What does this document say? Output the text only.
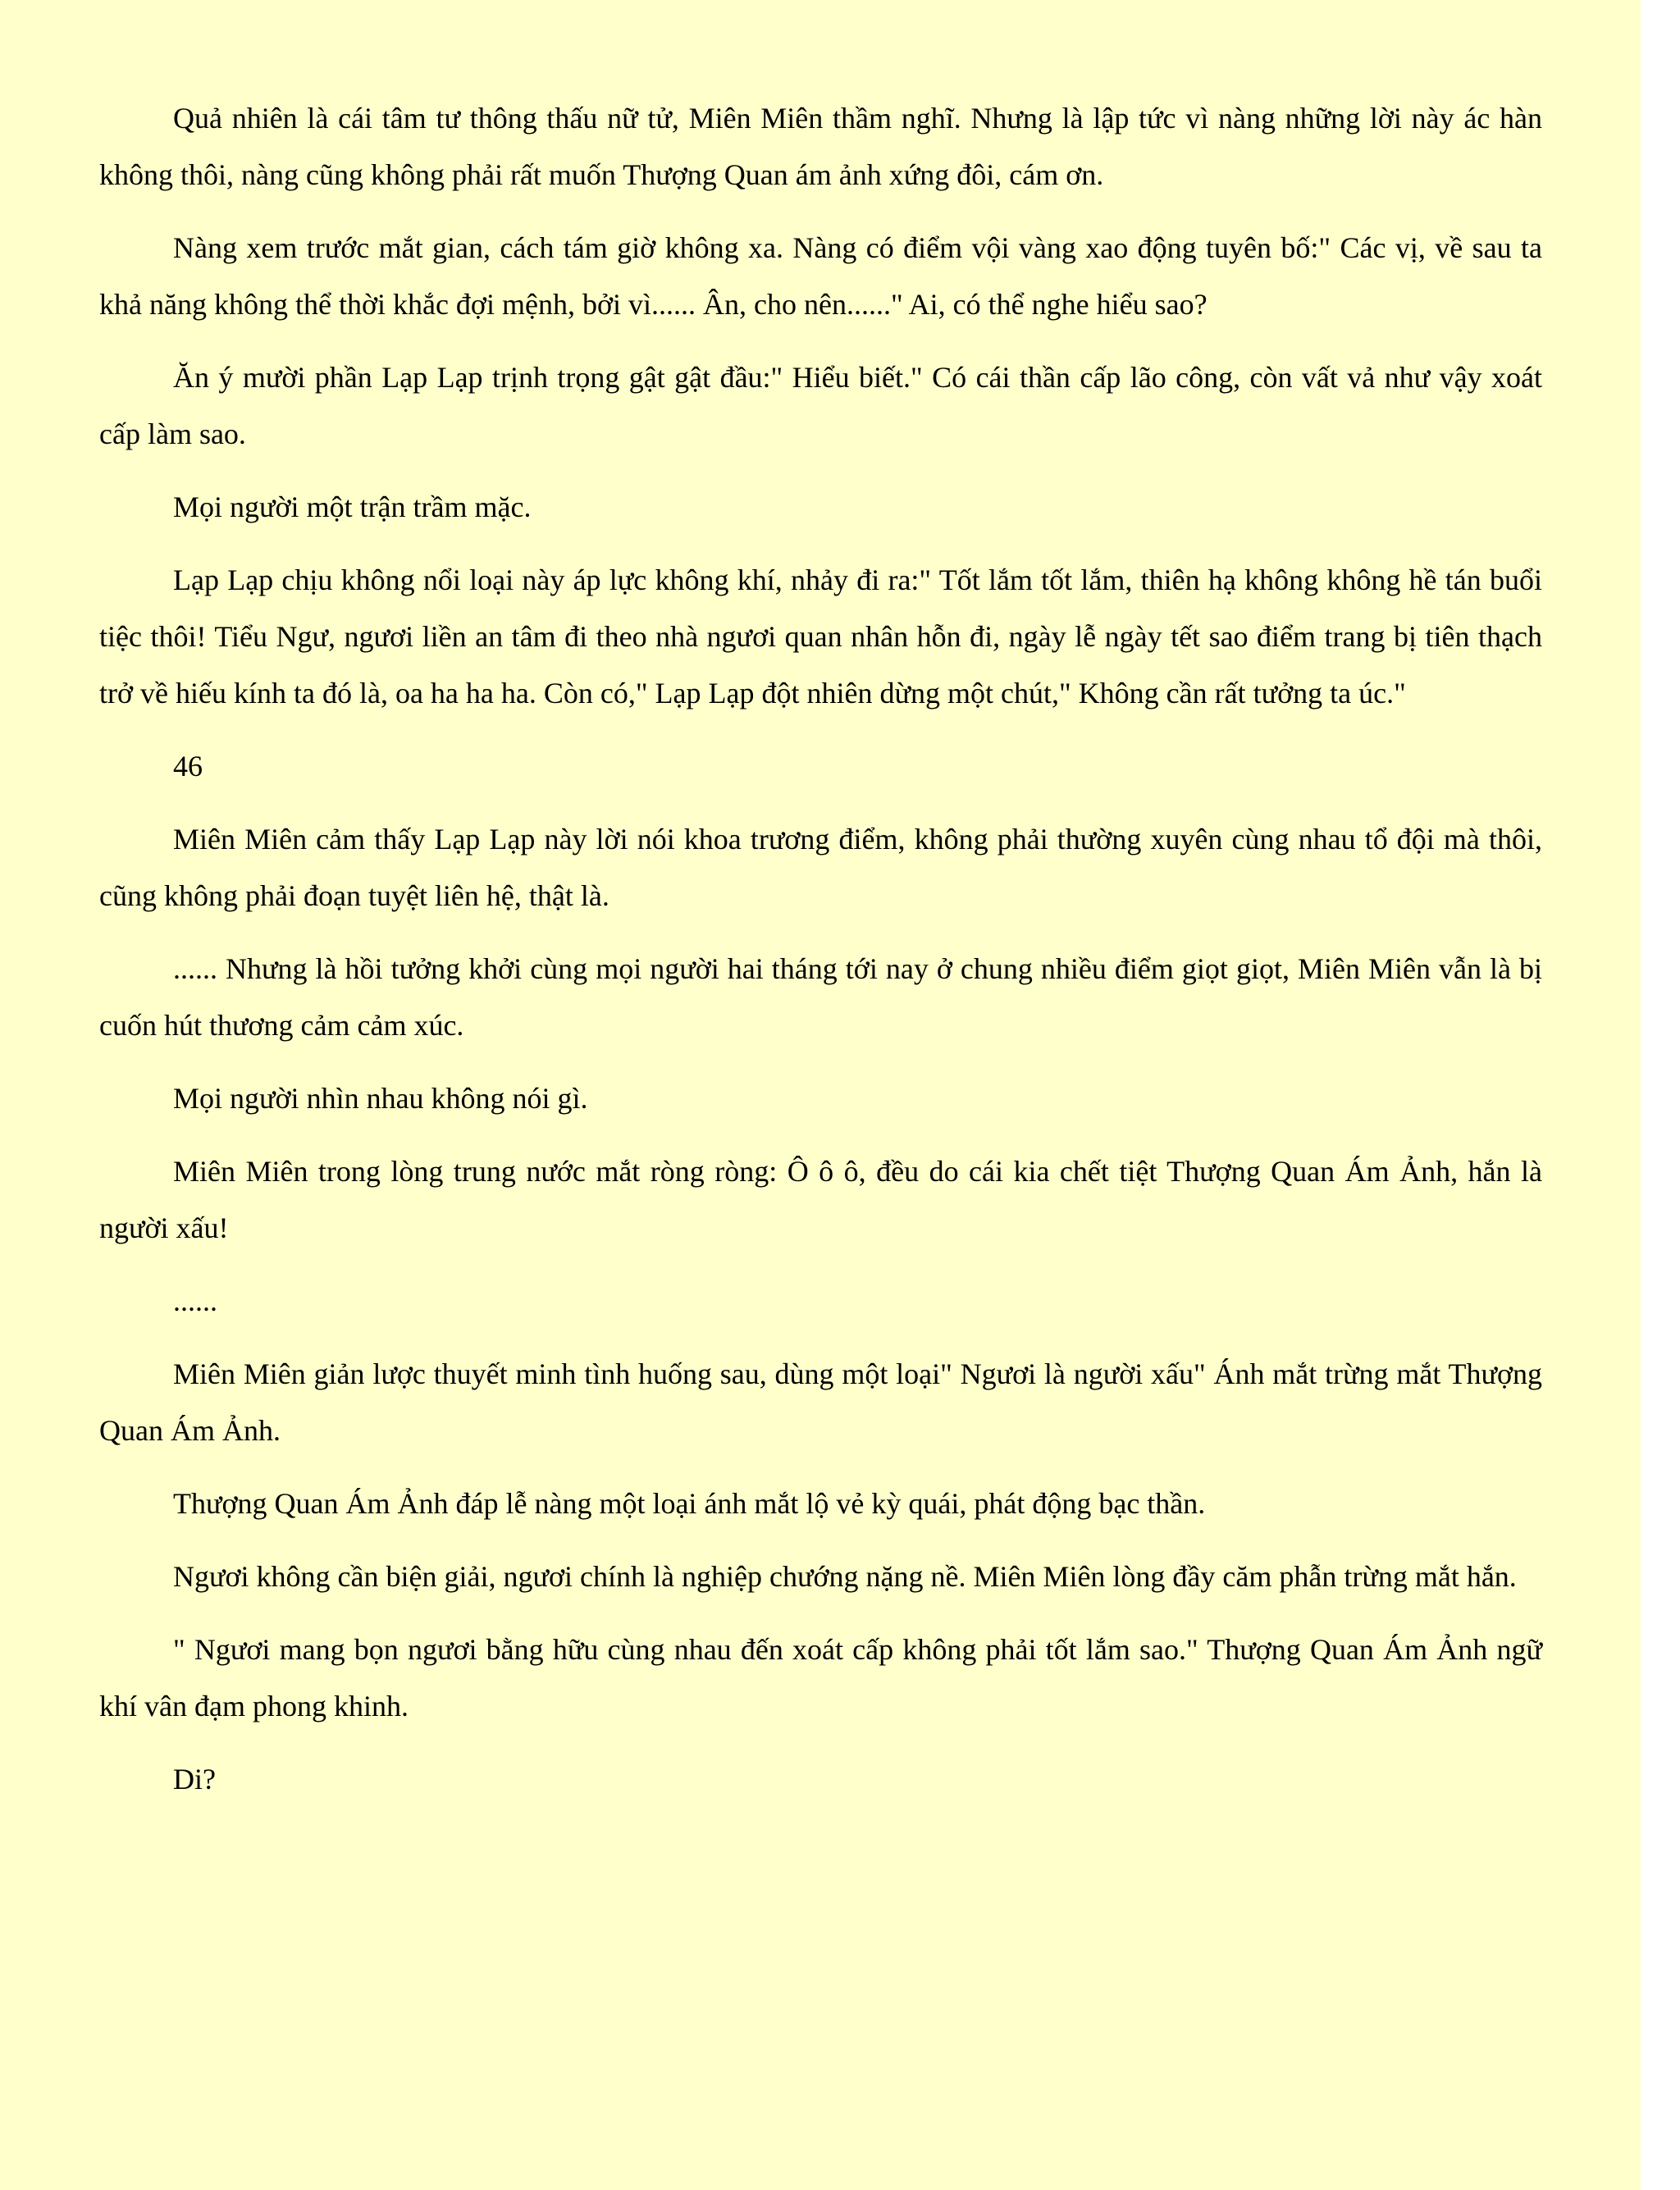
Quả nhiên là cái tâm tư thông thấu nữ tử, Miên Miên thầm nghĩ. Nhưng là lập tức vì nàng những lời này ác hàn không thôi, nàng cũng không phải rất muốn Thượng Quan ám ảnh xứng đôi, cám ơn.

Nàng xem trước mắt gian, cách tám giờ không xa. Nàng có điểm vội vàng xao động tuyên bố:" Các vị, về sau ta khả năng không thể thời khắc đợi mệnh, bởi vì...... Ân, cho nên......" Ai, có thể nghe hiểu sao?

Ăn ý mười phần Lạp Lạp trịnh trọng gật gật đầu:" Hiểu biết." Có cái thần cấp lão công, còn vất vả như vậy xoát cấp làm sao.

Mọi người một trận trầm mặc.

Lạp Lạp chịu không nổi loại này áp lực không khí, nhảy đi ra:" Tốt lắm tốt lắm, thiên hạ không không hề tán buổi tiệc thôi! Tiểu Ngư, ngươi liền an tâm đi theo nhà ngươi quan nhân hỗn đi, ngày lễ ngày tết sao điểm trang bị tiên thạch trở về hiếu kính ta đó là, oa ha ha ha. Còn có," Lạp Lạp đột nhiên dừng một chút," Không cần rất tưởng ta úc."

46

Miên Miên cảm thấy Lạp Lạp này lời nói khoa trương điểm, không phải thường xuyên cùng nhau tổ đội mà thôi, cũng không phải đoạn tuyệt liên hệ, thật là.

...... Nhưng là hồi tưởng khởi cùng mọi người hai tháng tới nay ở chung nhiều điểm giọt giọt, Miên Miên vẫn là bị cuốn hút thương cảm cảm xúc.

Mọi người nhìn nhau không nói gì.

Miên Miên trong lòng trung nước mắt ròng ròng: Ô ô ô, đều do cái kia chết tiệt Thượng Quan Ám Ảnh, hắn là người xấu!

......

Miên Miên giản lược thuyết minh tình huống sau, dùng một loại" Ngươi là người xấu" Ánh mắt trừng mắt Thượng Quan Ám Ảnh.

Thượng Quan Ám Ảnh đáp lễ nàng một loại ánh mắt lộ vẻ kỳ quái, phát động bạc thần.

Ngươi không cần biện giải, ngươi chính là nghiệp chướng nặng nề. Miên Miên lòng đầy căm phẫn trừng mắt hắn.

" Ngươi mang bọn ngươi bằng hữu cùng nhau đến xoát cấp không phải tốt lắm sao." Thượng Quan Ám Ảnh ngữ khí vân đạm phong khinh.

Di?
